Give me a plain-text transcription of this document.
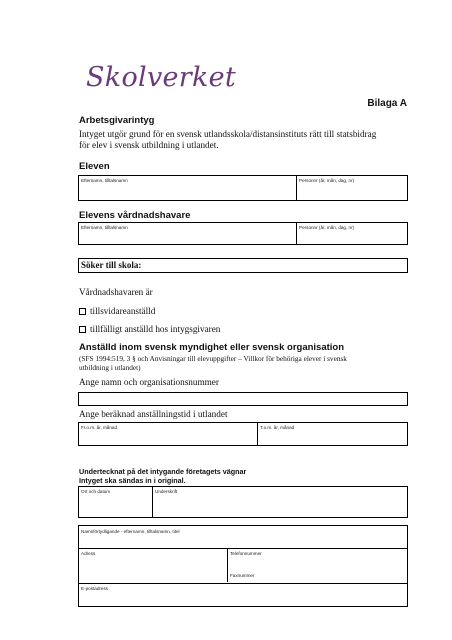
Skolverket
Bilaga A
Arbetsgivarintyg
Intyget utgör grund för en svensk utlandsskola/distansinstituts rätt till statsbidrag
för elev i svensk utbildning i utlandet.
Eleven
Efternamn, tilltalsnamn	Personnr (år, mån, dag, nr)
Elevens vårdnadshavare
Efternamn, tilltalsnamn	Personnr (år, mån, dag, nr)
Söker till skola:
Vårdnadshavaren är
tillsvidareanställd
tillfälligt anställd hos intygsgivaren
Anställd inom svensk myndighet eller svensk organisation
(SFS 1994:519, 3 § och Anvisningar till elevuppgifter – Villkor för behöriga elever i svensk
utbildning i utlandet)
Ange namn och organisationsnummer
Ange beräknad anställningstid i utlandet
Fr.o.m. år, månad	T.o.m. år, månad
Undertecknat på det intygande företagets vägnar
Intyget ska sändas in i original.
Ort och datum	Underskrift
Namnförtydligande - efternamn, tilltalsnamn, titel
Adress	Telefonnummer
Faxnummer
E-postadress
